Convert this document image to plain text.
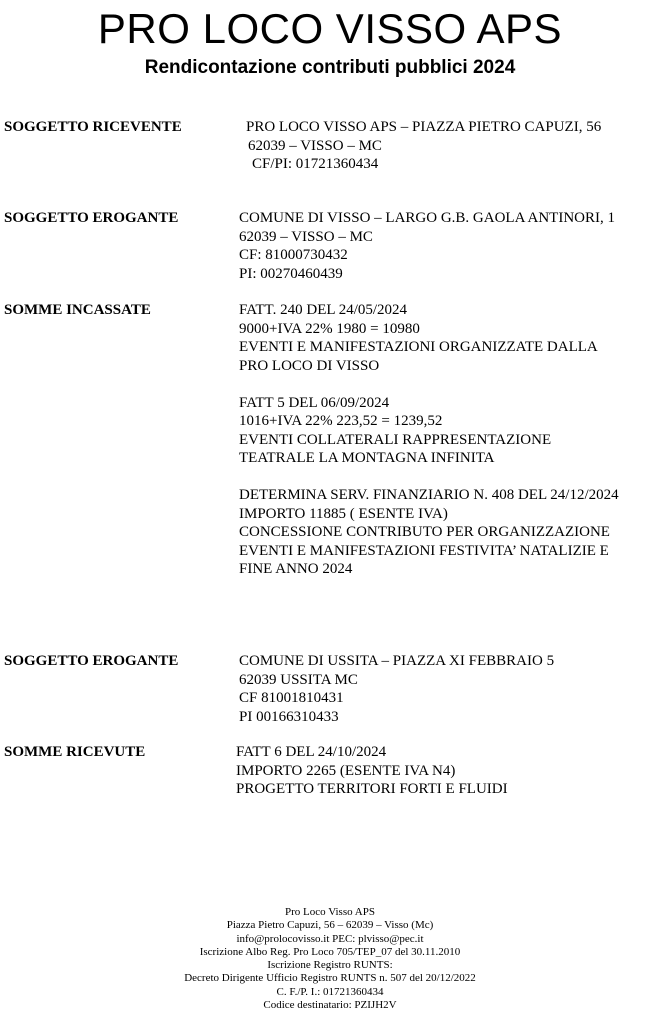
PRO LOCO VISSO APS
Rendicontazione contributi pubblici 2024
SOGGETTO RICEVENTE	PRO LOCO VISSO APS – PIAZZA PIETRO CAPUZI, 56
62039 – VISSO – MC
CF/PI: 01721360434
SOGGETTO EROGANTE	COMUNE DI VISSO – LARGO G.B. GAOLA ANTINORI, 1
62039 – VISSO – MC
CF: 81000730432
PI: 00270460439
SOMME INCASSATE	FATT. 240 DEL 24/05/2024
9000+IVA 22% 1980 = 10980
EVENTI E MANIFESTAZIONI ORGANIZZATE DALLA
PRO LOCO DI VISSO
FATT 5 DEL 06/09/2024
1016+IVA 22% 223,52 = 1239,52
EVENTI COLLATERALI RAPPRESENTAZIONE
TEATRALE LA MONTAGNA INFINITA
DETERMINA SERV. FINANZIARIO N. 408 DEL 24/12/2024
IMPORTO 11885 ( ESENTE IVA)
CONCESSIONE CONTRIBUTO PER ORGANIZZAZIONE
EVENTI E MANIFESTAZIONI FESTIVITA’ NATALIZIE E
FINE ANNO 2024
SOGGETTO EROGANTE	COMUNE DI USSITA – PIAZZA XI FEBBRAIO 5
62039 USSITA MC
CF 81001810431
PI 00166310433
SOMME RICEVUTE	FATT 6 DEL 24/10/2024
IMPORTO 2265 (ESENTE IVA N4)
PROGETTO TERRITORI FORTI E FLUIDI
Pro Loco Visso APS
Piazza Pietro Capuzi, 56 – 62039 – Visso (Mc)
info@prolocovisso.it PEC: plvisso@pec.it
Iscrizione Albo Reg. Pro Loco 705/TEP_07 del 30.11.2010
Iscrizione Registro RUNTS:
Decreto Dirigente Ufficio Registro RUNTS n. 507 del 20/12/2022
C. F./P. I.: 01721360434
Codice destinatario: PZIJH2V
